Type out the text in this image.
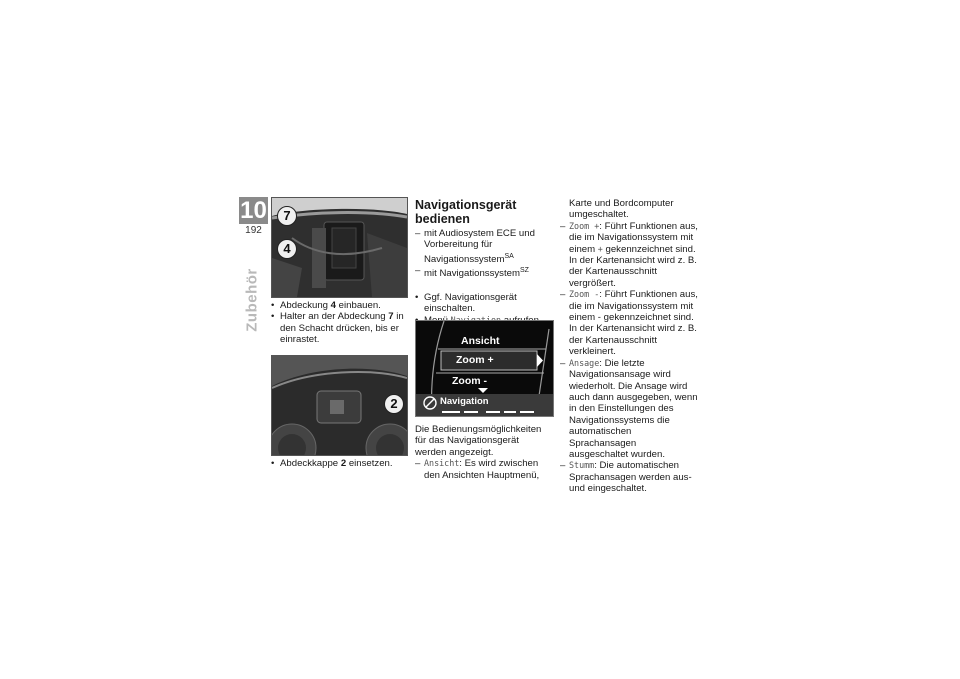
10
192
Zubehör
7
4

• Abdeckung 4 einbauen.

• Halter an der Abdeckung 7 in den Schacht drücken, bis er einrastet.

2

• Abdeckkappe 2 einsetzen.

Navigationsgerät
bedienen

– mit Audiosystem ECE und Vorbereitung für Navigationssystem$^{SA}$

– mit Navigationssystem$^{SZ}$

• Ggf. Navigationsgerät einschalten.

•

Ansicht
Zoom +
Zoom -
Navigation

Die Bedienungsmöglichkeiten für das Navigationsgerät werden angezeigt.

– Ansicht: Es wird zwischen den Ansichten Hauptmenü,

Karte und Bordcomputer umgeschaltet.

– Zoom +: Führt Funktionen aus, die im Navigationssystem mit einem + gekennzeichnet sind. In der Kartenansicht wird z. B. der Kartenausschnitt vergrößert.

– Zoom -: Führt Funktionen aus, die im Navigationssystem mit einem - gekennzeichnet sind. In der Kartenansicht wird z. B. der Kartenausschnitt verkleinert.

– Ansage: Die letzte Navigationsansage wird wiederholt. Die Ansage wird auch dann ausgegeben, wenn in den Einstellungen des Navigationssystems die automatischen Sprachansagen ausgeschaltet wurden.

– Stumm: Die automatischen Sprachansagen werden aus- und eingeschaltet.
